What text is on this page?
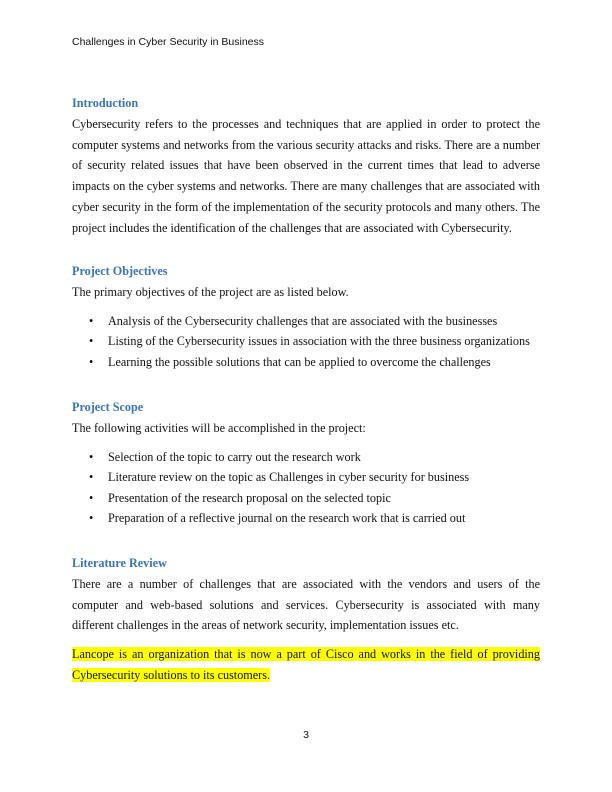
Challenges in Cyber Security in Business
Introduction

Cybersecurity refers to the processes and techniques that are applied in order to protect the computer systems and networks from the various security attacks and risks. There are a number of security related issues that have been observed in the current times that lead to adverse impacts on the cyber systems and networks. There are many challenges that are associated with cyber security in the form of the implementation of the security protocols and many others. The project includes the identification of the challenges that are associated with Cybersecurity.

Project Objectives

The primary objectives of the project are as listed below.

• Analysis of the Cybersecurity challenges that are associated with the businesses
• Listing of the Cybersecurity issues in association with the three business organizations
• Learning the possible solutions that can be applied to overcome the challenges
Project Scope

The following activities will be accomplished in the project:

• Selection of the topic to carry out the research work
• Literature review on the topic as Challenges in cyber security for business
• Presentation of the research proposal on the selected topic
• Preparation of a reflective journal on the research work that is carried out
Literature Review

There are a number of challenges that are associated with the vendors and users of the computer and web-based solutions and services. Cybersecurity is associated with many different challenges in the areas of network security, implementation issues etc.

Lancope is an organization that is now a part of Cisco and works in the field of providing Cybersecurity solutions to its customers.

3
